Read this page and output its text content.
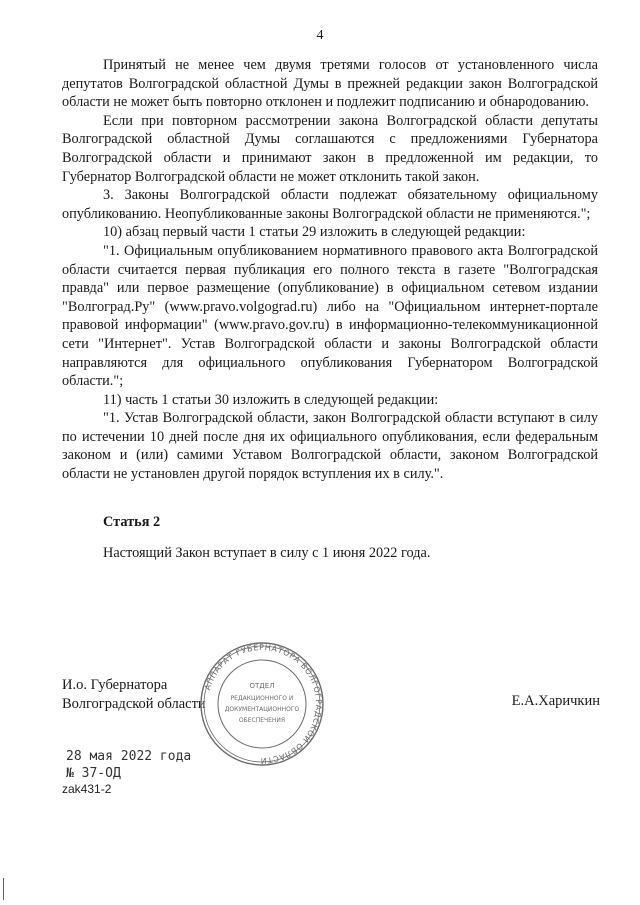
4

Принятый не менее чем двумя третями голосов от установленного числа депутатов Волгоградской областной Думы в прежней редакции закон Волгоградской области не может быть повторно отклонен и подлежит подписанию и обнародованию.

Если при повторном рассмотрении закона Волгоградской области депутаты Волгоградской областной Думы соглашаются с предложениями Губернатора Волгоградской области и принимают закон в предложенной им редакции, то Губернатор Волгоградской области не может отклонить такой закон.

3. Законы Волгоградской области подлежат обязательному официальному опубликованию. Неопубликованные законы Волгоградской области не применяются.";

10) абзац первый части 1 статьи 29 изложить в следующей редакции:

"1. Официальным опубликованием нормативного правового акта Волгоградской области считается первая публикация его полного текста в газете "Волгоградская правда" или первое размещение (опубликование) в официальном сетевом издании "Волгоград.Ру" (www.pravo.volgograd.ru) либо на "Официальном интернет-портале правовой информации" (www.pravo.gov.ru) в информационно-телекоммуникационной сети "Интернет". Устав Волгоградской области и законы Волгоградской области направляются для официального опубликования Губернатором Волгоградской области.";

11) часть 1 статьи 30 изложить в следующей редакции:

"1. Устав Волгоградской области, закон Волгоградской области вступают в силу по истечении 10 дней после дня их официального опубликования, если федеральным законом и (или) самими Уставом Волгоградской области, законом Волгоградской области не установлен другой порядок вступления их в силу.".

Статья 2

Настоящий Закон вступает в силу с 1 июня 2022 года.

И.о. Губернатора
Волгоградской области
АППАРАТ ГУБЕРНАТОРА ВОЛГОГРАДСКОЙ ОБЛАСТИ
ОТДЕЛ
РЕДАКЦИОННОГО И
ДОКУМЕНТАЦИОННОГО
ОБЕСПЕЧЕНИЯ
Е.А.Харичкин
28 мая 2022 года
№ 37-ОД
zak431-2
